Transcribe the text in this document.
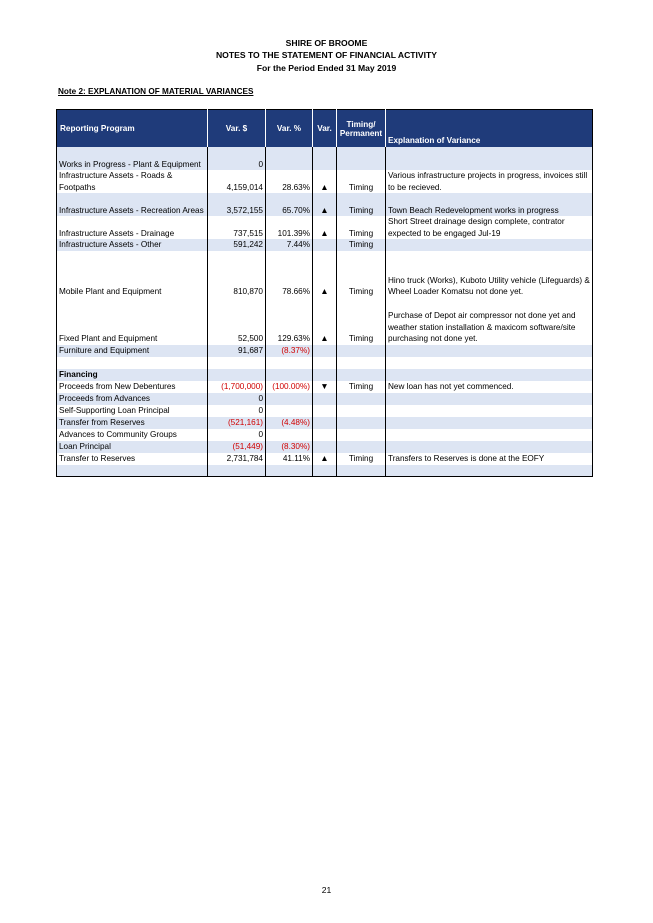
SHIRE OF BROOME
NOTES TO THE STATEMENT OF FINANCIAL ACTIVITY
For the Period Ended 31 May 2019
Note 2: EXPLANATION OF MATERIAL VARIANCES
Reporting Program	Var. $	Var. %	Var.	Timing/ Permanent	Explanation of Variance
Works in Progress - Plant & Equipment	0				
Infrastructure Assets - Roads & Footpaths	4,159,014	28.63%	▲	Timing	Various infrastructure projects in progress, invoices still to be recieved.
Infrastructure Assets - Recreation Areas	3,572,155	65.70%	▲	Timing	Town Beach Redevelopment works in progress
Infrastructure Assets - Drainage	737,515	101.39%	▲	Timing	Short Street drainage design complete, contrator expected to be engaged Jul-19
Infrastructure Assets - Other	591,242	7.44%		Timing	
Mobile Plant and Equipment	810,870	78.66%	▲	Timing	Hino truck (Works), Kuboto Utility vehicle (Lifeguards) & Wheel Loader Komatsu not done yet.
Fixed Plant and Equipment	52,500	129.63%	▲	Timing	Purchase of Depot air compressor not done yet and weather station installation & maxicom software/site purchasing not done yet.
Furniture and Equipment	91,687	(8.37%)			

Financing					
Proceeds from New Debentures	(1,700,000)	(100.00%)	▼	Timing	New loan has not yet commenced.
Proceeds from Advances	0				
Self-Supporting Loan Principal	0				
Transfer from Reserves	(521,161)	(4.48%)			
Advances to Community Groups	0				
Loan Principal	(51,449)	(8.30%)			
Transfer to Reserves	2,731,784	41.11%	▲	Timing	Transfers to Reserves is done at the EOFY

21
